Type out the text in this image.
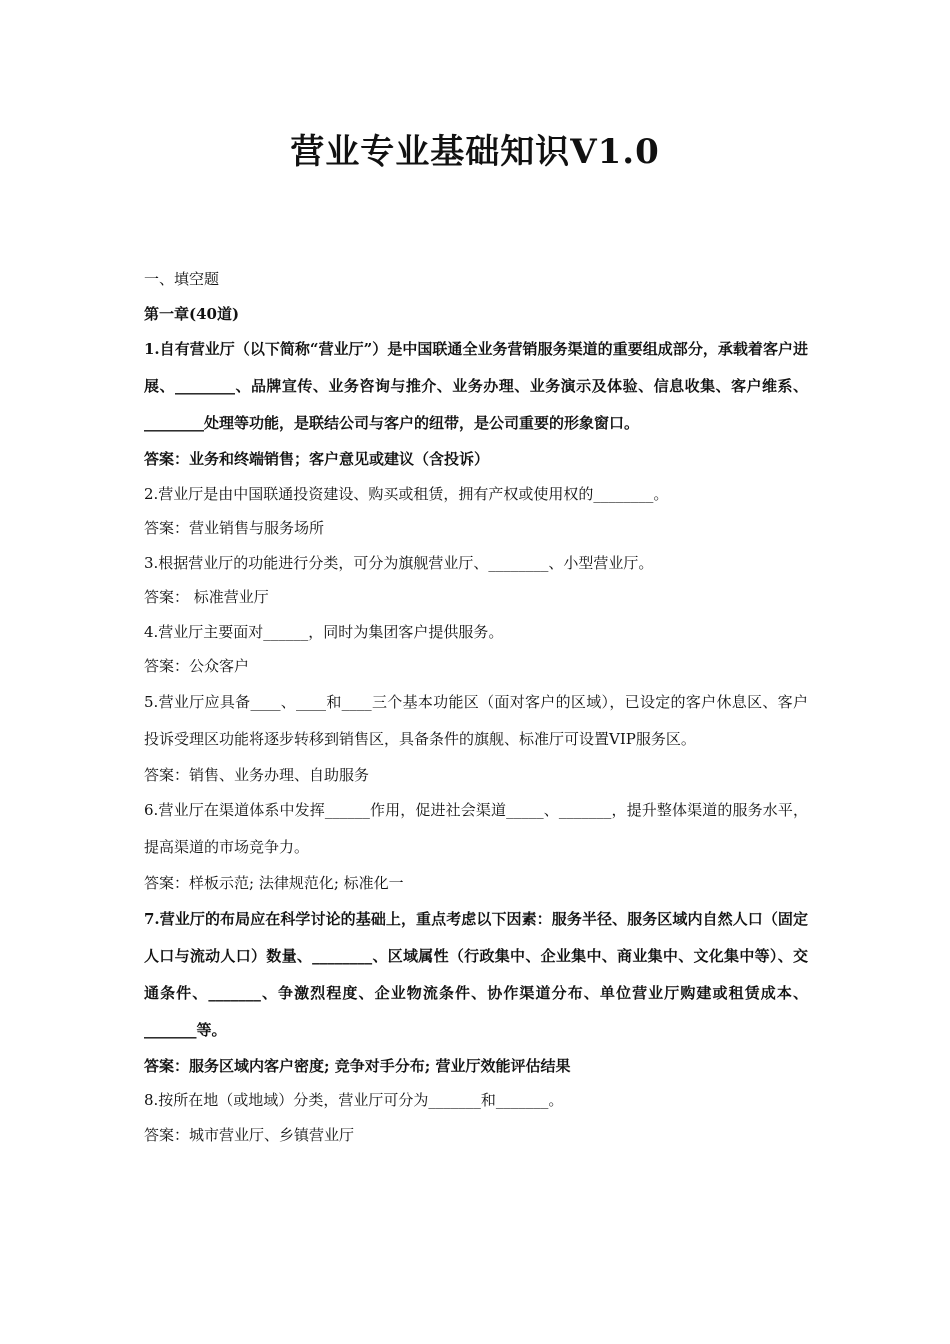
营业专业基础知识V1.0
一、填空题
第一章(40道)
1.自有营业厅（以下简称“营业厅”）是中国联通全业务营销服务渠道的重要组成部分，承载着客户进展、________、品牌宣传、业务咨询与推介、业务办理、业务演示及体验、信息收集、客户维系、________处理等功能，是联结公司与客户的纽带，是公司重要的形象窗口。
答案：业务和终端销售；客户意见或建议（含投诉）
2.营业厅是由中国联通投资建设、购买或租赁，拥有产权或使用权的________。
答案：营业销售与服务场所
3.根据营业厅的功能进行分类，可分为旗舰营业厅、________、小型营业厅。
答案： 标准营业厅
4.营业厅主要面对______，同时为集团客户提供服务。
答案：公众客户
5.营业厅应具备____、____和____三个基本功能区（面对客户的区域），已设定的客户休息区、客户投诉受理区功能将逐步转移到销售区，具备条件的旗舰、标准厅可设置VIP服务区。
答案：销售、业务办理、自助服务
6.营业厅在渠道体系中发挥______作用，促进社会渠道_____、_______，提升整体渠道的服务水平，提高渠道的市场竞争力。
答案：样板示范; 法律规范化; 标准化一
7.营业厅的布局应在科学讨论的基础上，重点考虑以下因素：服务半径、服务区域内自然人口（固定人口与流动人口）数量、________、区域属性（行政集中、企业集中、商业集中、文化集中等）、交通条件、_______、争激烈程度、企业物流条件、协作渠道分布、单位营业厅购建或租赁成本、_______等。
答案：服务区域内客户密度; 竞争对手分布; 营业厅效能评估结果
8.按所在地（或地域）分类，营业厅可分为_______和_______。
答案：城市营业厅、乡镇营业厅
